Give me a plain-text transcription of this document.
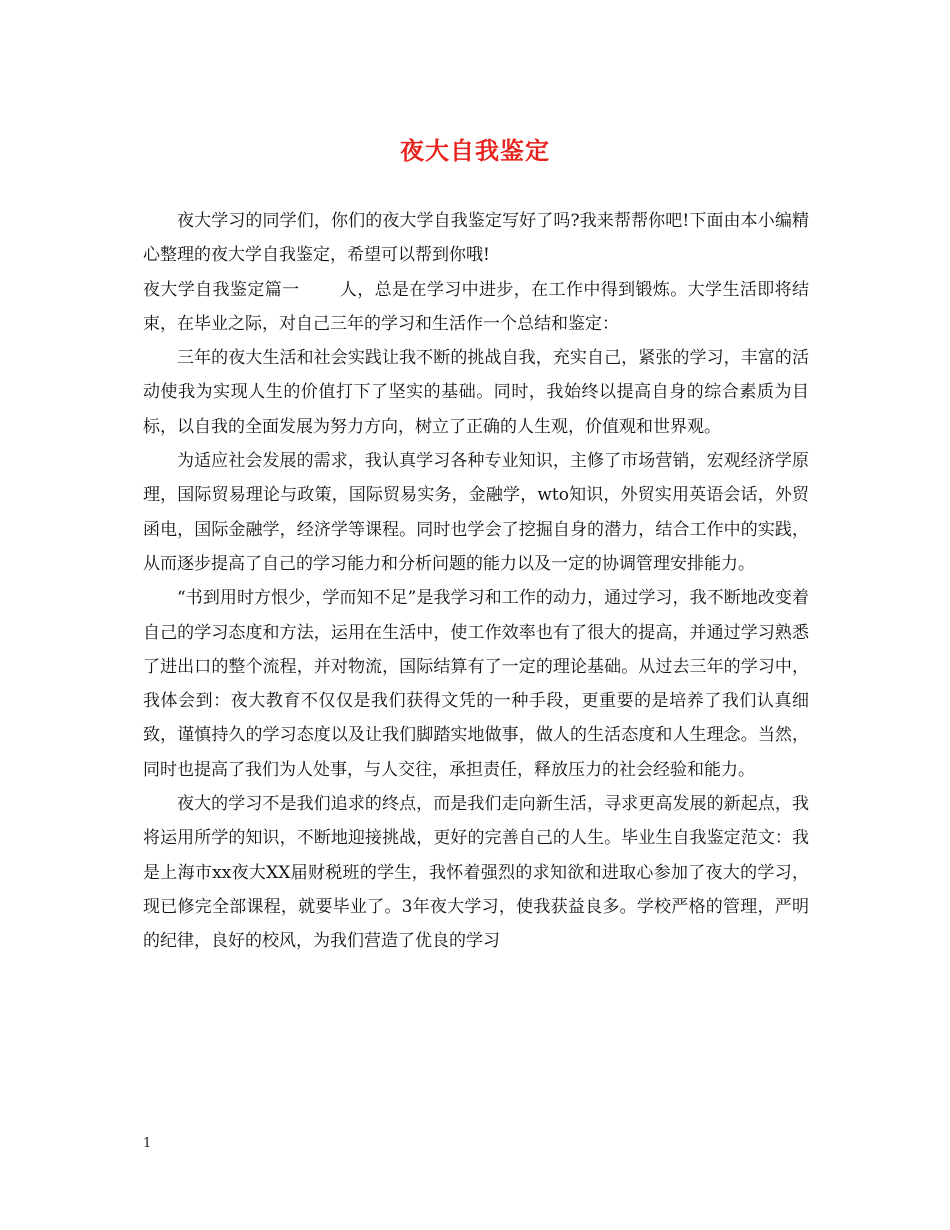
夜大自我鉴定

夜大学习的同学们，你们的夜大学自我鉴定写好了吗?我来帮帮你吧!下面由本小编精心整理的夜大学自我鉴定，希望可以帮到你哦!

夜大学自我鉴定篇一 人，总是在学习中进步，在工作中得到锻炼。大学生活即将结束，在毕业之际，对自己三年的学习和生活作一个总结和鉴定：

三年的夜大生活和社会实践让我不断的挑战自我，充实自己，紧张的学习，丰富的活动使我为实现人生的价值打下了坚实的基础。同时，我始终以提高自身的综合素质为目标，以自我的全面发展为努力方向，树立了正确的人生观，价值观和世界观。

为适应社会发展的需求，我认真学习各种专业知识，主修了市场营销，宏观经济学原理，国际贸易理论与政策，国际贸易实务，金融学，wto知识，外贸实用英语会话，外贸函电，国际金融学，经济学等课程。同时也学会了挖掘自身的潜力，结合工作中的实践，从而逐步提高了自己的学习能力和分析问题的能力以及一定的协调管理安排能力。

“书到用时方恨少，学而知不足”是我学习和工作的动力，通过学习，我不断地改变着自己的学习态度和方法，运用在生活中，使工作效率也有了很大的提高，并通过学习熟悉了进出口的整个流程，并对物流，国际结算有了一定的理论基础。从过去三年的学习中，我体会到：夜大教育不仅仅是我们获得文凭的一种手段，更重要的是培养了我们认真细致，谨慎持久的学习态度以及让我们脚踏实地做事，做人的生活态度和人生理念。当然，同时也提高了我们为人处事，与人交往，承担责任，释放压力的社会经验和能力。

夜大的学习不是我们追求的终点，而是我们走向新生活，寻求更高发展的新起点，我将运用所学的知识，不断地迎接挑战，更好的完善自己的人生。毕业生自我鉴定范文：我是上海市xx夜大XX届财税班的学生，我怀着强烈的求知欲和进取心参加了夜大的学习，现已修完全部课程，就要毕业了。3年夜大学习，使我获益良多。学校严格的管理，严明的纪律，良好的校风，为我们营造了优良的学习

1
